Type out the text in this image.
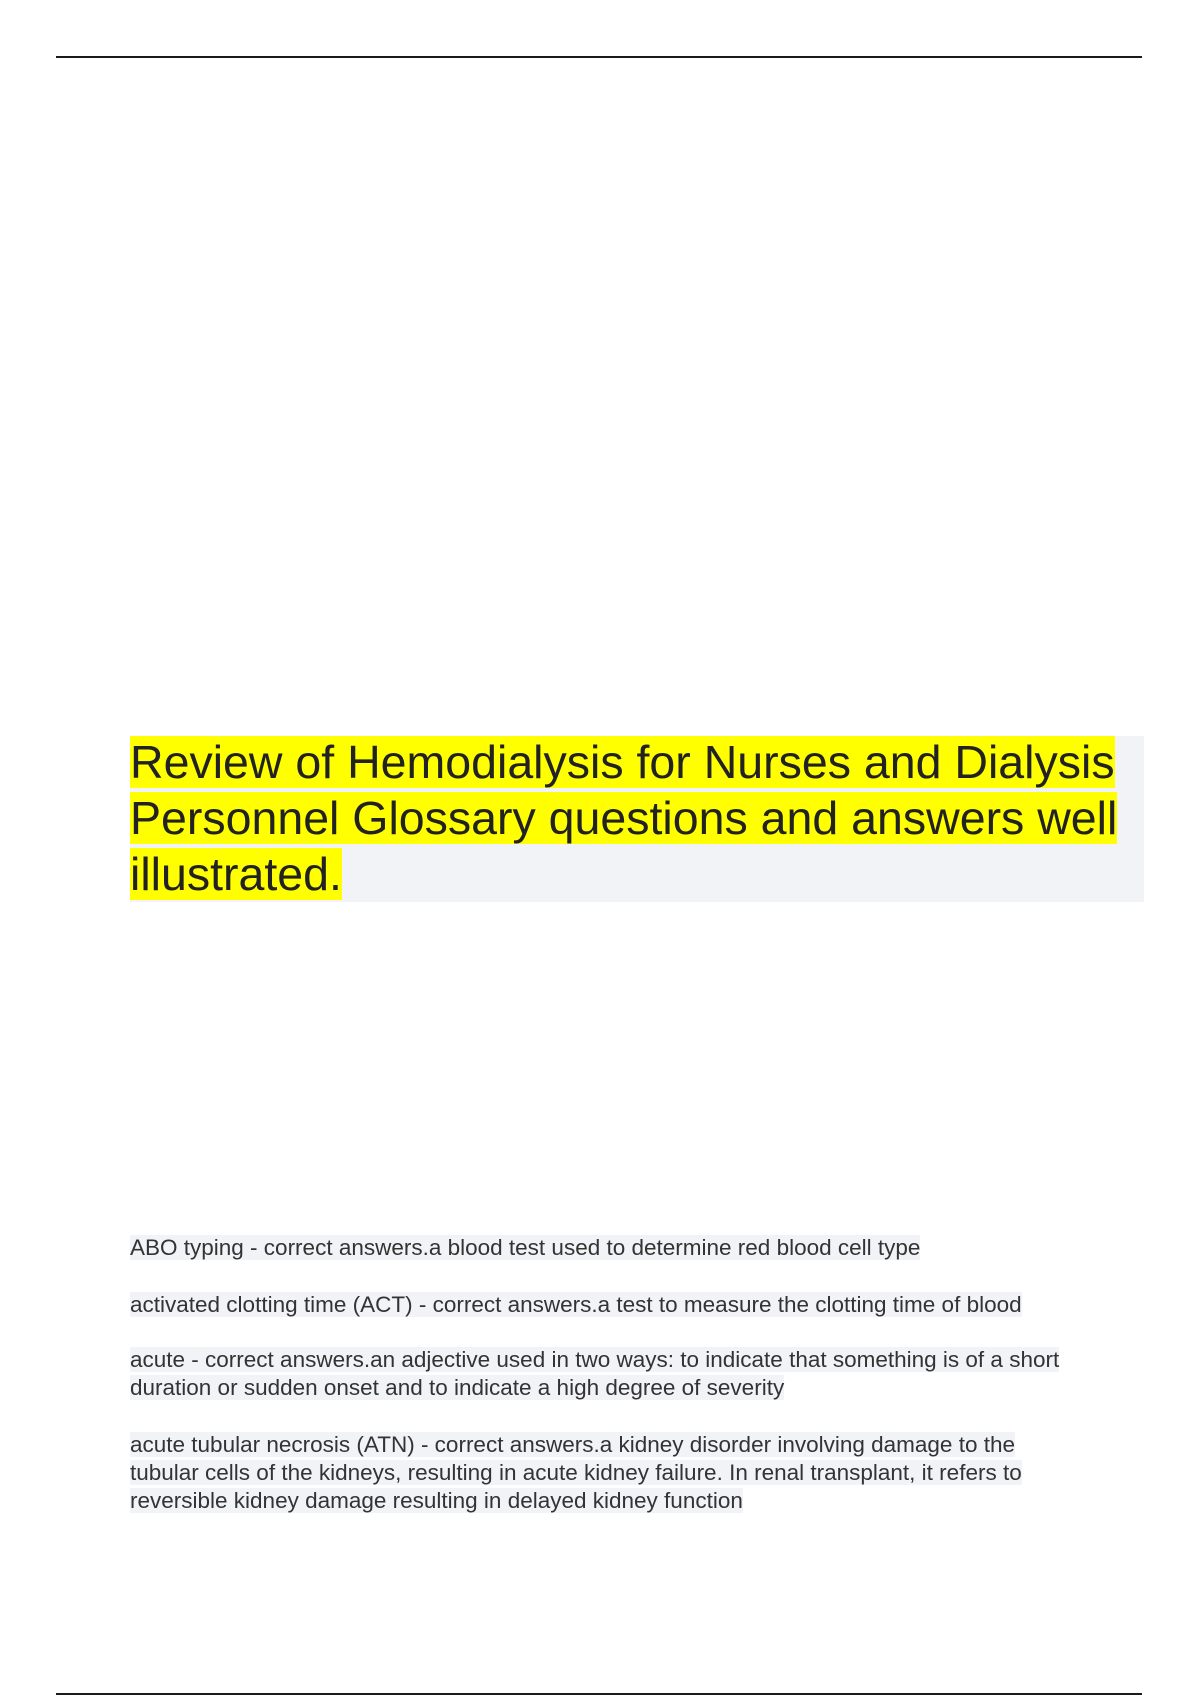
Review of Hemodialysis for Nurses and Dialysis Personnel Glossary questions and answers well illustrated.

ABO typing - correct answers.a blood test used to determine red blood cell type

activated clotting time (ACT) - correct answers.a test to measure the clotting time of blood

acute - correct answers.an adjective used in two ways: to indicate that something is of a short duration or sudden onset and to indicate a high degree of severity

acute tubular necrosis (ATN) - correct answers.a kidney disorder involving damage to the tubular cells of the kidneys, resulting in acute kidney failure. In renal transplant, it refers to reversible kidney damage resulting in delayed kidney function
